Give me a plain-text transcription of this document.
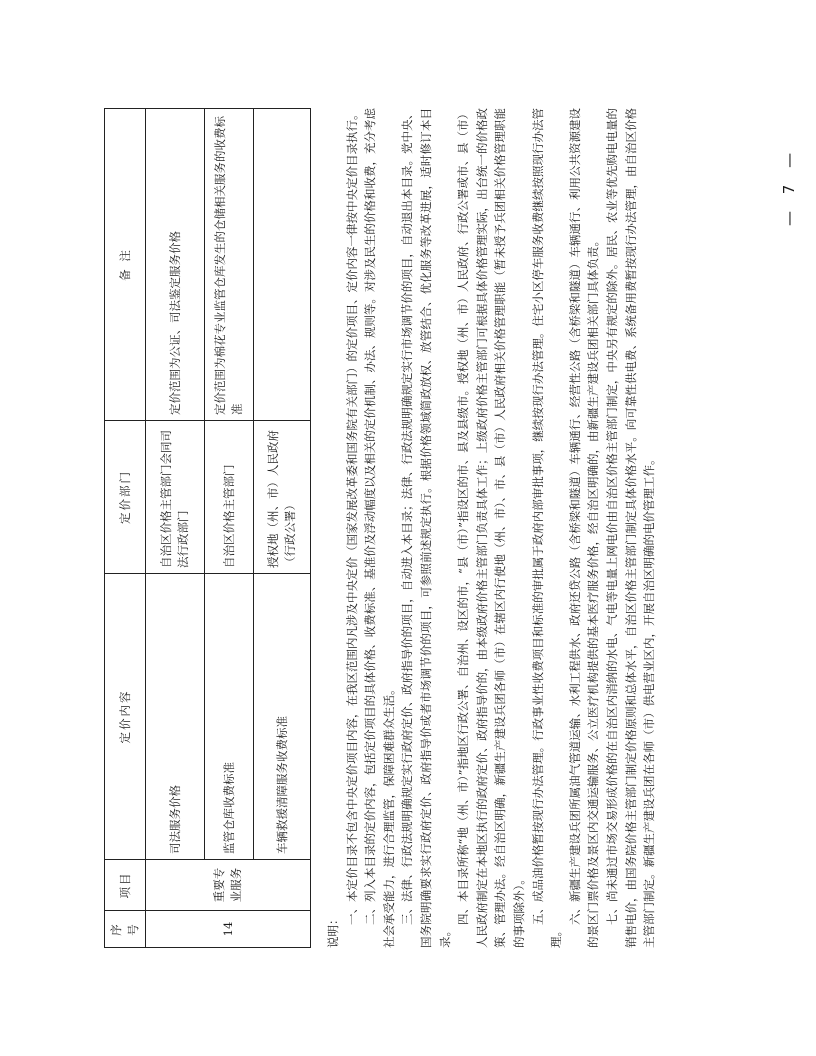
序号	项目	定价内容	定价部门	备 注
14	重要专业服务	司法服务价格	自治区价格主管部门会同司法行政部门	定价范围为公证、司法鉴定服务价格
		监管仓库收费标准	自治区价格主管部门	定价范围为棉花专业监管仓库发生的仓储相关服务的收费标准
		车辆救援清障服务收费标准	授权地（州、市）人民政府（行政公署）	

说明：

一、本定价目录不包含中央定价项目内容，在我区范围内凡涉及中央定价（国家发展改革委和国务院有关部门）的定价项目、定价内容一律按中央定价目录执行。 二、列入本目录的定价内容，包括定价项目的具体价格、收费标准、基准价及浮动幅度以及相关的定价机制、办法、规则等。对涉及民生的价格和收费，充分考虑社会承受能力，进行合理监管，保障困难群众生活。 三、法律、行政法规明确规定实行政府定价、政府指导价的项目，自动进入本目录；法律、行政法规明确规定实行市场调节价的项目，自动退出本目录。党中央、国务院明确要求实行政府定价、政府指导价或者市场调节价的项目，可参照前述规定执行。根据价格领域简政放权、放管结合、优化服务等改革进展，适时修订本目录。

四、本目录所称“地（州、市）”指地区行政公署、自治州、设区的市，“县（市）”指设区的市、县及县级市。授权地（州、市）人民政府、行政公署或市、县（市）人民政府制定在本地区执行的政府定价、政府指导价的，由本级政府价格主管部门负责具体工作；上级政府价格主管部门可根据具体价格管理实际，出台统一的价格政策、管理办法。经自治区明确，新疆生产建设兵团各师（市）在辖区内行使地（州、市）、市、县（市）人民政府相关价格管理职能（暂未授予兵团相关价格管理职能的事项除外）。 五、成品油价格暂按现行办法管理。行政事业性收费项目和标准的审批属于政府内部审批事项，继续按现行办法管理。住宅小区停车服务收费继续按照现行办法管理。

六、新疆生产建设兵团所属油气管道运输、水利工程供水、政府还贷公路（含桥梁和隧道）车辆通行、经营性公路（含桥梁和隧道）车辆通行、利用公共资源建设的景区门票价格及景区内交通运输服务、公立医疗机构提供的基本医疗服务价格，经自治区明确的，由新疆生产建设兵团相关部门具体负责。 七、尚未通过市场交易形成价格的在自治区内消纳的水电、气电等电量上网电价由自治区价格主管部门制定，中央另有规定的除外。居民、农业等优先购电电量的销售电价，由国务院价格主管部门制定价格原则和总体水平，自治区价格主管部门制定具体价格水平。向可靠性供电费、系统备用费暂按现行办法管理，由自治区价格主管部门制定。新疆生产建设兵团在各师（市）供电营业区内，开展自治区明确的电价管理工作。

— 7 —
